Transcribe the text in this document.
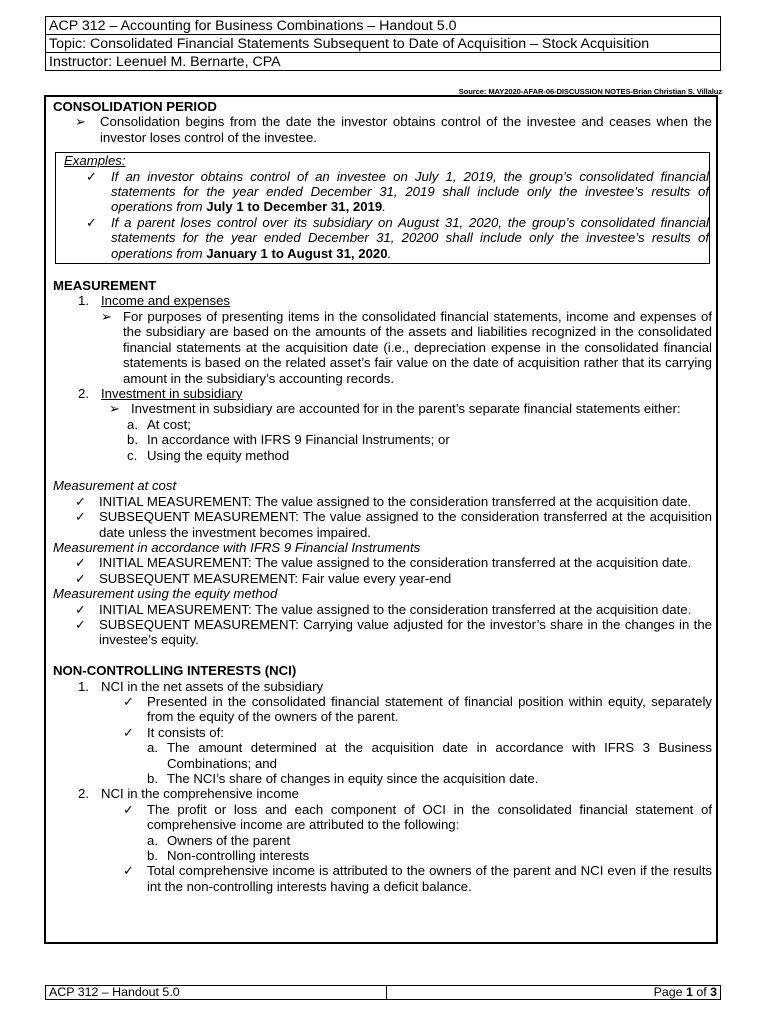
ACP 312 – Accounting for Business Combinations – Handout 5.0
Topic: Consolidated Financial Statements Subsequent to Date of Acquisition – Stock Acquisition
Instructor: Leenuel M. Bernarte, CPA
Source: MAY2020-AFAR-06-DISCUSSION NOTES-Brian Christian S. Villaluz

CONSOLIDATION PERIOD

➢	Consolidation begins from the date the investor obtains control of the investee and ceases when the investor loses control of the investee.

Examples:

✓	If an investor obtains control of an investee on July 1, 2019, the group’s consolidated financial statements for the year ended December 31, 2019 shall include only the investee’s results of operations from July 1 to December 31, 2019.
✓	If a parent loses control over its subsidiary on August 31, 2020, the group’s consolidated financial statements for the year ended December 31, 20200 shall include only the investee’s results of operations from January 1 to August 31, 2020.

MEASUREMENT

1. Income and expenses
➢ For purposes of presenting items in the consolidated financial statements, income and expenses of the subsidiary are based on the amounts of the assets and liabilities recognized in the consolidated financial statements at the acquisition date (i.e., depreciation expense in the consolidated financial statements is based on the related asset’s fair value on the date of acquisition rather that its carrying amount in the subsidiary’s accounting records.
2. Investment in subsidiary
➢ Investment in subsidiary are accounted for in the parent’s separate financial statements either:
a. At cost;
b. In accordance with IFRS 9 Financial Instruments; or
c. Using the equity method

Measurement at cost

✓ INITIAL MEASUREMENT: The value assigned to the consideration transferred at the acquisition date.
✓ SUBSEQUENT MEASUREMENT: The value assigned to the consideration transferred at the acquisition date unless the investment becomes impaired.

Measurement in accordance with IFRS 9 Financial Instruments

✓ INITIAL MEASUREMENT: The value assigned to the consideration transferred at the acquisition date.
✓ SUBSEQUENT MEASUREMENT: Fair value every year-end

Measurement using the equity method

✓ INITIAL MEASUREMENT: The value assigned to the consideration transferred at the acquisition date.
✓ SUBSEQUENT MEASUREMENT: Carrying value adjusted for the investor’s share in the changes in the investee’s equity.

NON-CONTROLLING INTERESTS (NCI)

1. NCI in the net assets of the subsidiary
✓ Presented in the consolidated financial statement of financial position within equity, separately from the equity of the owners of the parent.
✓ It consists of:
a. The amount determined at the acquisition date in accordance with IFRS 3 Business Combinations; and
b. The NCI’s share of changes in equity since the acquisition date.
2. NCI in the comprehensive income
✓ The profit or loss and each component of OCI in the consolidated financial statement of comprehensive income are attributed to the following:
a. Owners of the parent
b. Non-controlling interests
✓ Total comprehensive income is attributed to the owners of the parent and NCI even if the results int the non-controlling interests having a deficit balance.
ACP 312 – Handout 5.0	Page 1 of 3
